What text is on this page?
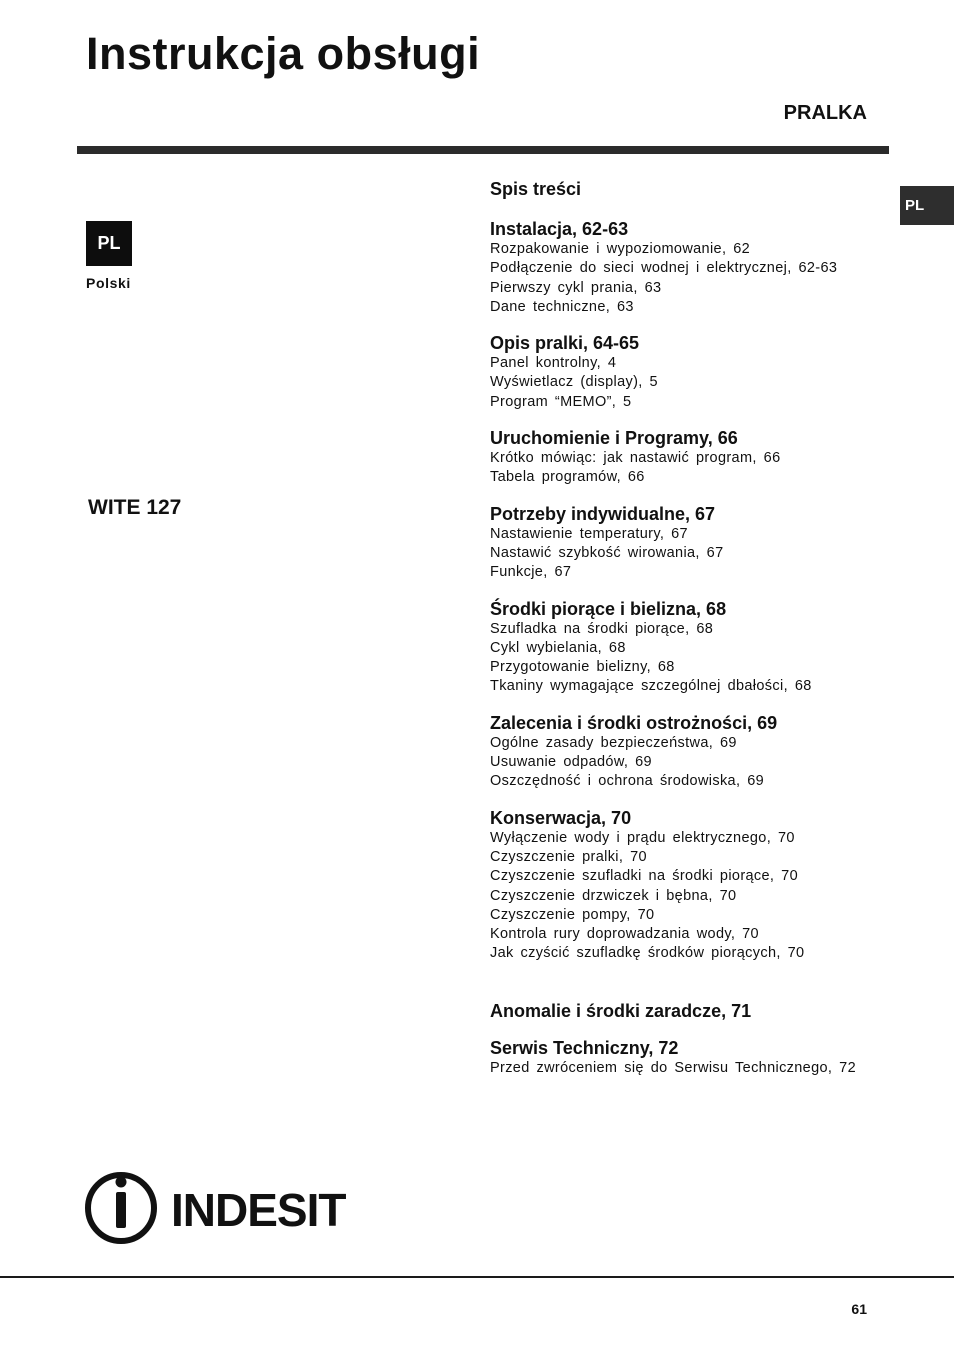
Instrukcja obsługi
PRALKA
PL
Polski
PL
WITE 127
Spis treści
Instalacja, 62-63
Rozpakowanie i wypoziomowanie, 62
Podłączenie do sieci wodnej i elektrycznej, 62-63
Pierwszy cykl prania, 63
Dane techniczne, 63
Opis pralki, 64-65
Panel kontrolny, 4
Wyświetlacz (display), 5
Program “MEMO”, 5
Uruchomienie i Programy, 66
Krótko mówiąc: jak nastawić program, 66
Tabela programów, 66
Potrzeby indywidualne, 67
Nastawienie temperatury, 67
Nastawić szybkość wirowania, 67
Funkcje, 67
Środki piorące i bielizna, 68
Szufladka na środki piorące, 68
Cykl wybielania, 68
Przygotowanie bielizny, 68
Tkaniny wymagające szczególnej dbałości, 68
Zalecenia i środki ostrożności, 69
Ogólne zasady bezpieczeństwa, 69
Usuwanie odpadów, 69
Oszczędność i ochrona środowiska, 69
Konserwacja, 70
Wyłączenie wody i prądu elektrycznego, 70
Czyszczenie pralki, 70
Czyszczenie szufladki na środki piorące, 70
Czyszczenie drzwiczek i bębna, 70
Czyszczenie pompy, 70
Kontrola rury doprowadzania wody, 70
Jak czyścić szufladkę środków piorących, 70
Anomalie i środki zaradcze, 71
Serwis Techniczny, 72
Przed zwróceniem się do Serwisu Technicznego, 72
INDESIT
61
